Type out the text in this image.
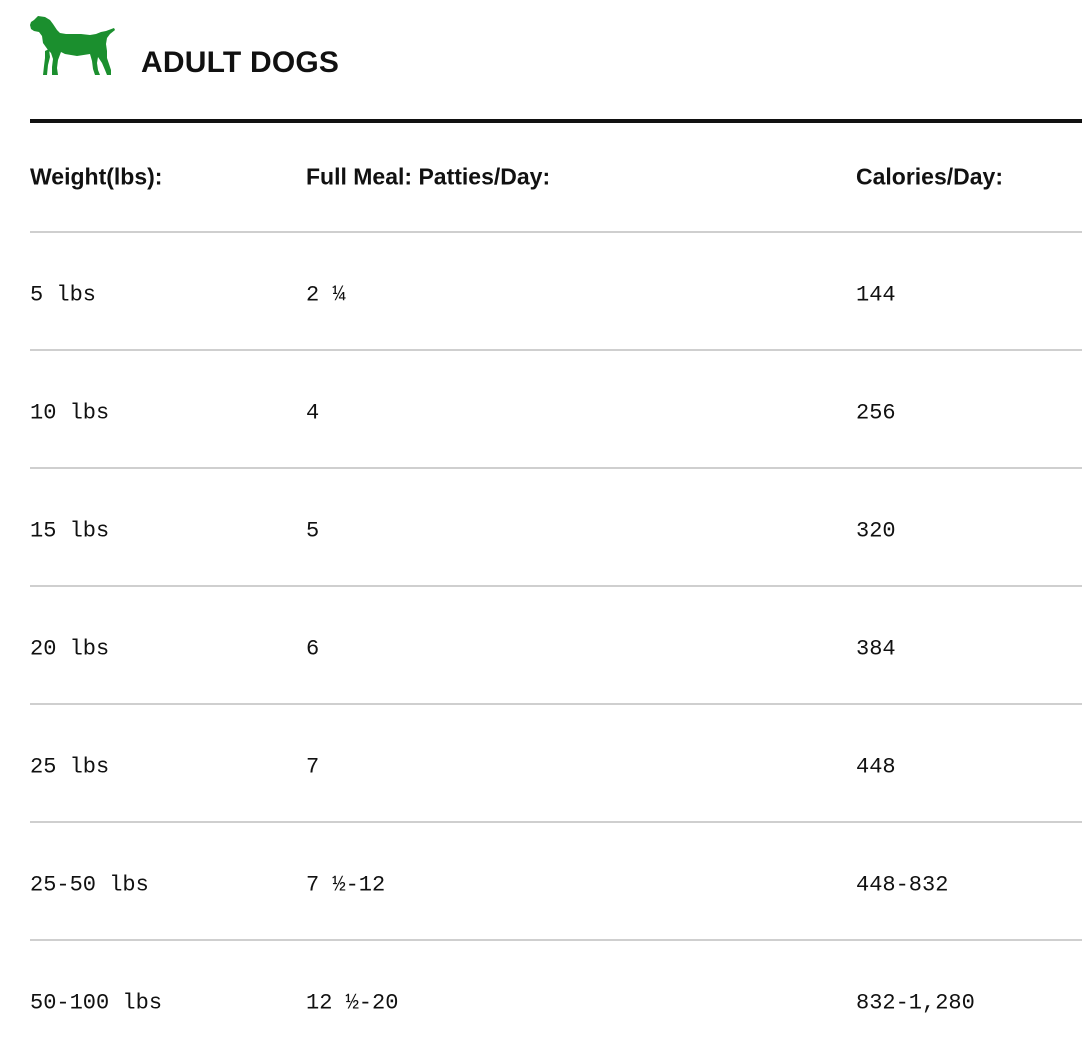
ADULT DOGS
Weight(lbs):	Full Meal: Patties/Day:	Calories/Day:
5 lbs	2 ¼	144
10 lbs	4	256
15 lbs	5	320
20 lbs	6	384
25 lbs	7	448
25-50 lbs	7 ½-12	448-832
50-100 lbs	12 ½-20	832-1,280
